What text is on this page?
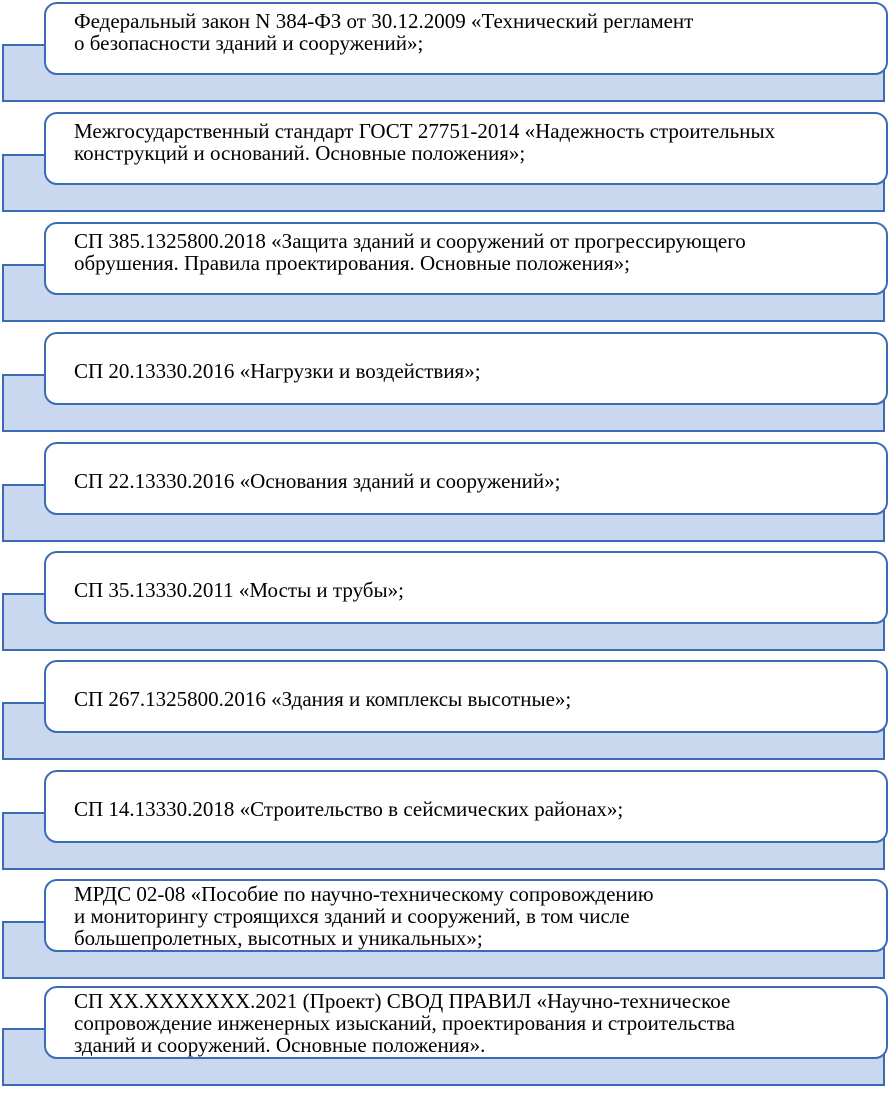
Федеральный закон N 384-ФЗ от 30.12.2009 «Технический регламент
о безопасности зданий и сооружений»;
Межгосударственный стандарт ГОСТ 27751-2014 «Надежность строительных
конструкций и оснований. Основные положения»;
СП 385.1325800.2018 «Защита зданий и сооружений от прогрессирующего
обрушения. Правила проектирования. Основные положения»;
СП 20.13330.2016 «Нагрузки и воздействия»;
СП 22.13330.2016 «Основания зданий и сооружений»;
СП 35.13330.2011 «Мосты и трубы»;
СП 267.1325800.2016 «Здания и комплексы высотные»;
СП 14.13330.2018 «Строительство в сейсмических районах»;
МРДС 02-08 «Пособие по научно-техническому сопровождению
и мониторингу строящихся зданий и сооружений, в том числе
большепролетных, высотных и уникальных»;
СП XX.XXXXXXX.2021 (Проект) СВОД ПРАВИЛ «Научно-техническое
сопровождение инженерных изысканий, проектирования и строительства
зданий и сооружений. Основные положения».
